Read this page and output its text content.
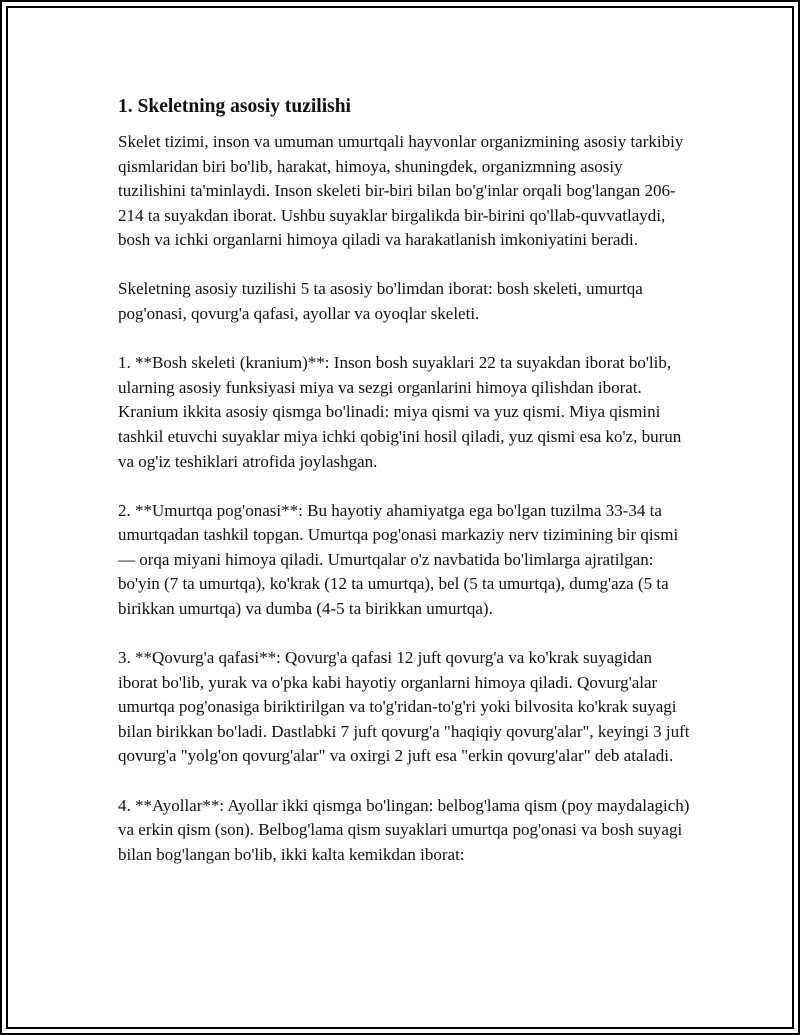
1. Skeletning asosiy tuzilishi

Skelet tizimi, inson va umuman umurtqali hayvonlar organizmining asosiy tarkibiy qismlaridan biri bo'lib, harakat, himoya, shuningdek, organizmning asosiy tuzilishini ta'minlaydi. Inson skeleti bir-biri bilan bo'g'inlar orqali bog'langan 206-214 ta suyakdan iborat. Ushbu suyaklar birgalikda bir-birini qo'llab-quvvatlaydi, bosh va ichki organlarni himoya qiladi va harakatlanish imkoniyatini beradi.

Skeletning asosiy tuzilishi 5 ta asosiy bo'limdan iborat: bosh skeleti, umurtqa pog'onasi, qovurg'a qafasi, ayollar va oyoqlar skeleti.

1. **Bosh skeleti (kranium)**: Inson bosh suyaklari 22 ta suyakdan iborat bo'lib, ularning asosiy funksiyasi miya va sezgi organlarini himoya qilishdan iborat. Kranium ikkita asosiy qismga bo'linadi: miya qismi va yuz qismi. Miya qismini tashkil etuvchi suyaklar miya ichki qobig'ini hosil qiladi, yuz qismi esa ko'z, burun va og'iz teshiklari atrofida joylashgan.

2. **Umurtqa pog'onasi**: Bu hayotiy ahamiyatga ega bo'lgan tuzilma 33-34 ta umurtqadan tashkil topgan. Umurtqa pog'onasi markaziy nerv tizimining bir qismi — orqa miyani himoya qiladi. Umurtqalar o'z navbatida bo'limlarga ajratilgan: bo'yin (7 ta umurtqa), ko'krak (12 ta umurtqa), bel (5 ta umurtqa), dumg'aza (5 ta birikkan umurtqa) va dumba (4-5 ta birikkan umurtqa).

3. **Qovurg'a qafasi**: Qovurg'a qafasi 12 juft qovurg'a va ko'krak suyagidan iborat bo'lib, yurak va o'pka kabi hayotiy organlarni himoya qiladi. Qovurg'alar umurtqa pog'onasiga biriktirilgan va to'g'ridan-to'g'ri yoki bilvosita ko'krak suyagi bilan birikkan bo'ladi. Dastlabki 7 juft qovurg'a "haqiqiy qovurg'alar", keyingi 3 juft qovurg'a "yolg'on qovurg'alar" va oxirgi 2 juft esa "erkin qovurg'alar" deb ataladi.

4. **Ayollar**: Ayollar ikki qismga bo'lingan: belbog'lama qism (poy maydalagich) va erkin qism (son). Belbog'lama qism suyaklari umurtqa pog'onasi va bosh suyagi bilan bog'langan bo'lib, ikki kalta kemikdan iborat:
